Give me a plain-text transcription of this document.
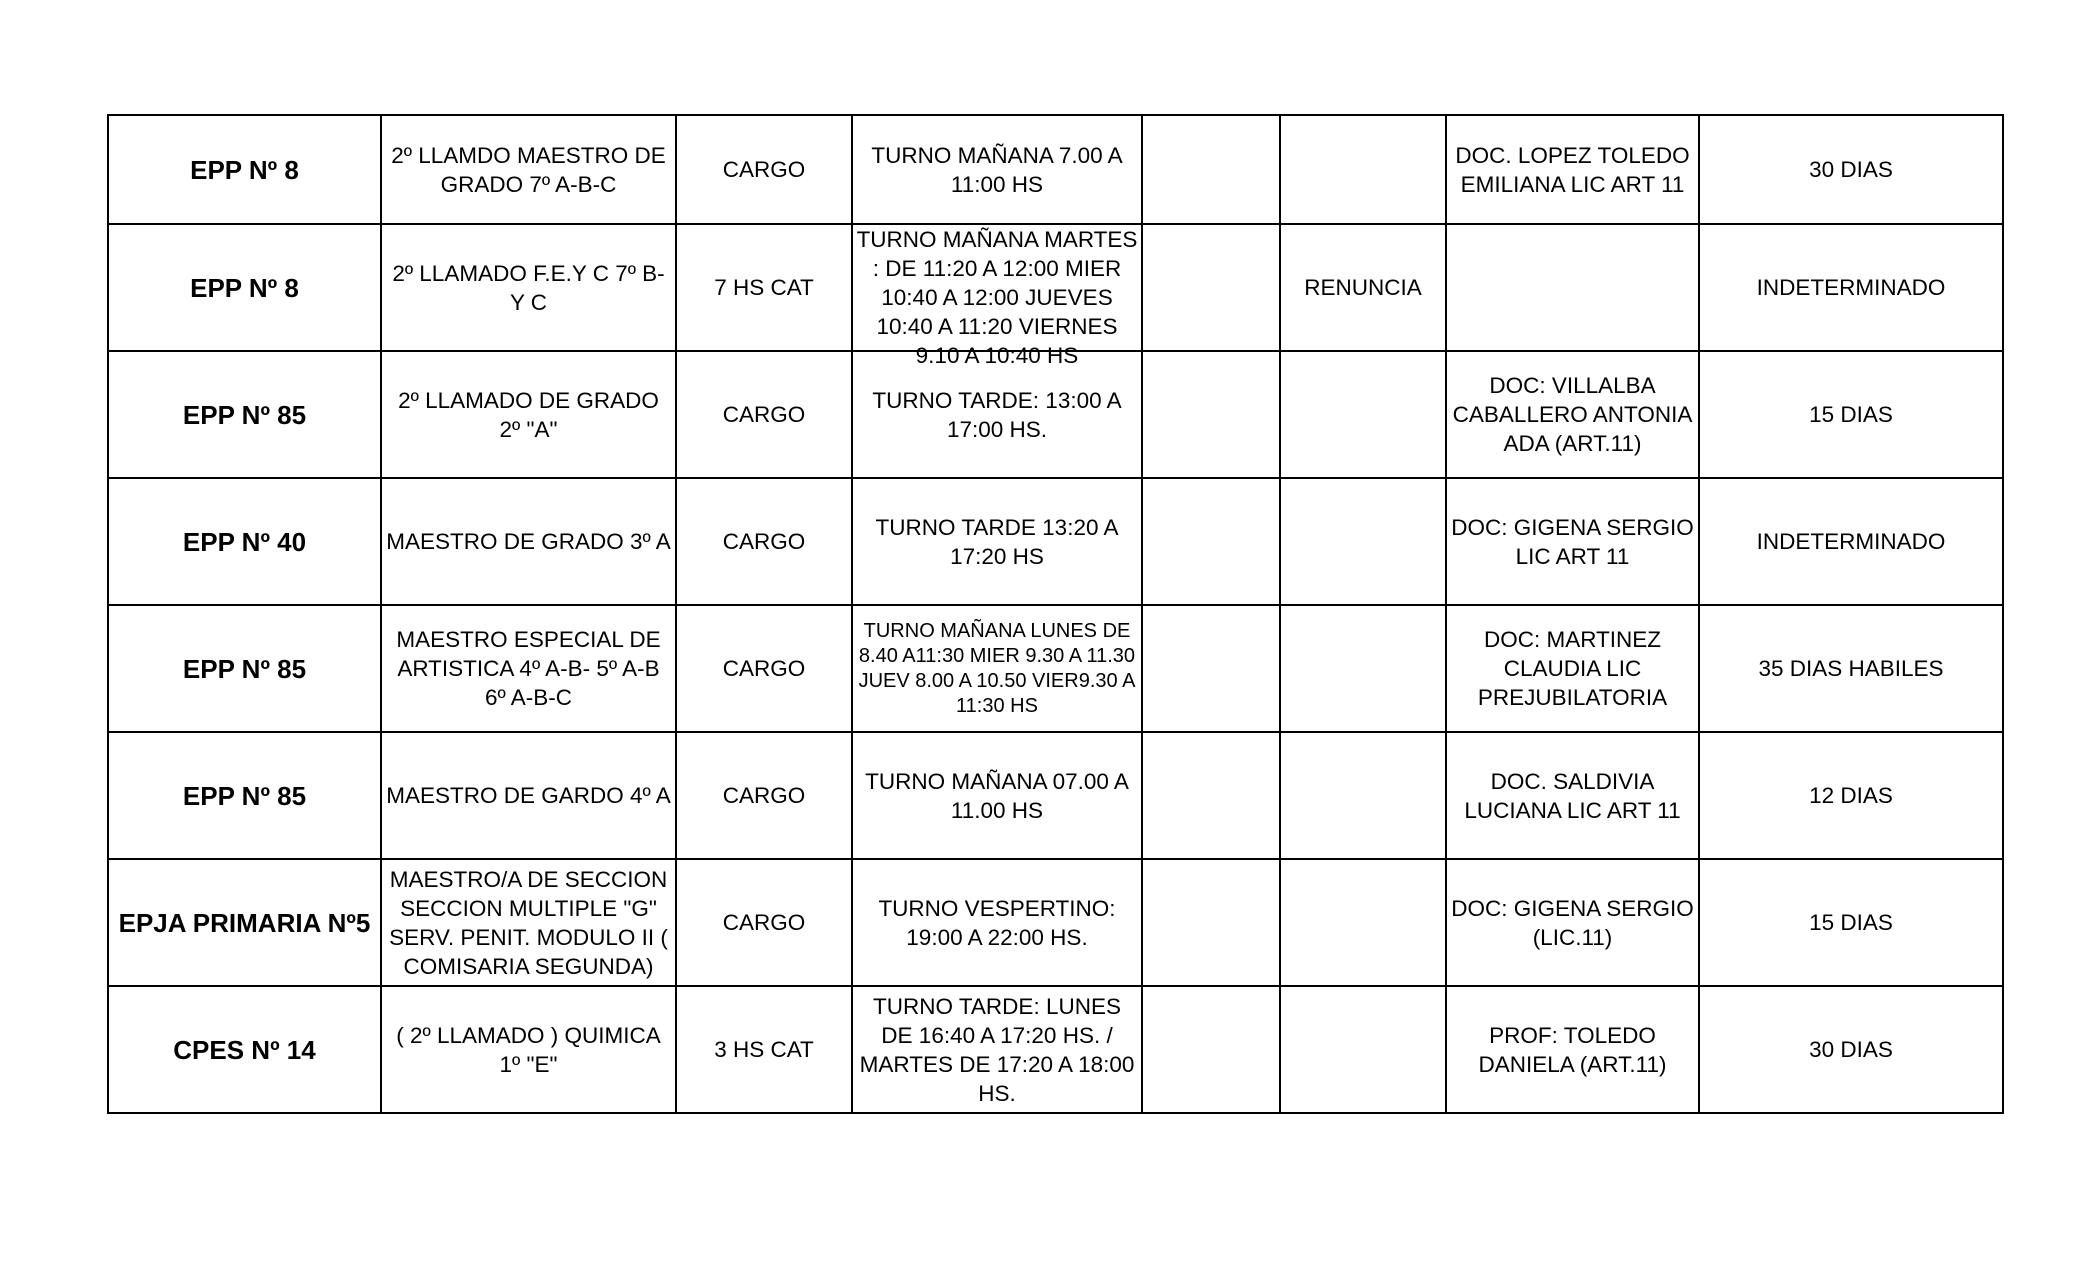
EPP Nº 8	2º LLAMDO MAESTRO DE GRADO 7º A-B-C	CARGO	TURNO MAÑANA 7.00 A 11:00 HS			DOC. LOPEZ TOLEDO EMILIANA LIC ART 11	30 DIAS
EPP Nº 8	2º LLAMADO F.E.Y C 7º B-Y C	7 HS CAT	TURNO MAÑANA MARTES : DE 11:20 A 12:00 MIER 10:40 A 12:00 JUEVES 10:40 A 11:20 VIERNES 9.10 A 10:40 HS		RENUNCIA		INDETERMINADO
EPP Nº 85	2º LLAMADO DE GRADO 2º "A"	CARGO	TURNO TARDE: 13:00 A 17:00 HS.			DOC: VILLALBA CABALLERO ANTONIA ADA (ART.11)	15 DIAS
EPP Nº 40	MAESTRO DE GRADO 3º A	CARGO	TURNO TARDE 13:20 A 17:20 HS			DOC: GIGENA SERGIO LIC ART 11	INDETERMINADO
EPP Nº 85	MAESTRO ESPECIAL DE ARTISTICA 4º A-B- 5º A-B 6º A-B-C	CARGO	TURNO MAÑANA LUNES DE 8.40 A11:30 MIER 9.30 A 11.30 JUEV 8.00 A 10.50 VIER9.30 A 11:30 HS			DOC: MARTINEZ CLAUDIA LIC PREJUBILATORIA	35 DIAS HABILES
EPP Nº 85	MAESTRO DE GARDO 4º A	CARGO	TURNO MAÑANA 07.00 A 11.00 HS			DOC. SALDIVIA LUCIANA LIC ART 11	12 DIAS
EPJA PRIMARIA Nº5	MAESTRO/A DE SECCION SECCION MULTIPLE "G" SERV. PENIT. MODULO II ( COMISARIA SEGUNDA)	CARGO	TURNO VESPERTINO: 19:00 A 22:00 HS.			DOC: GIGENA SERGIO (LIC.11)	15 DIAS
CPES Nº 14	( 2º LLAMADO ) QUIMICA 1º "E"	3 HS CAT	TURNO TARDE: LUNES DE 16:40 A 17:20 HS. / MARTES DE 17:20 A 18:00 HS.			PROF: TOLEDO DANIELA (ART.11)	30 DIAS
